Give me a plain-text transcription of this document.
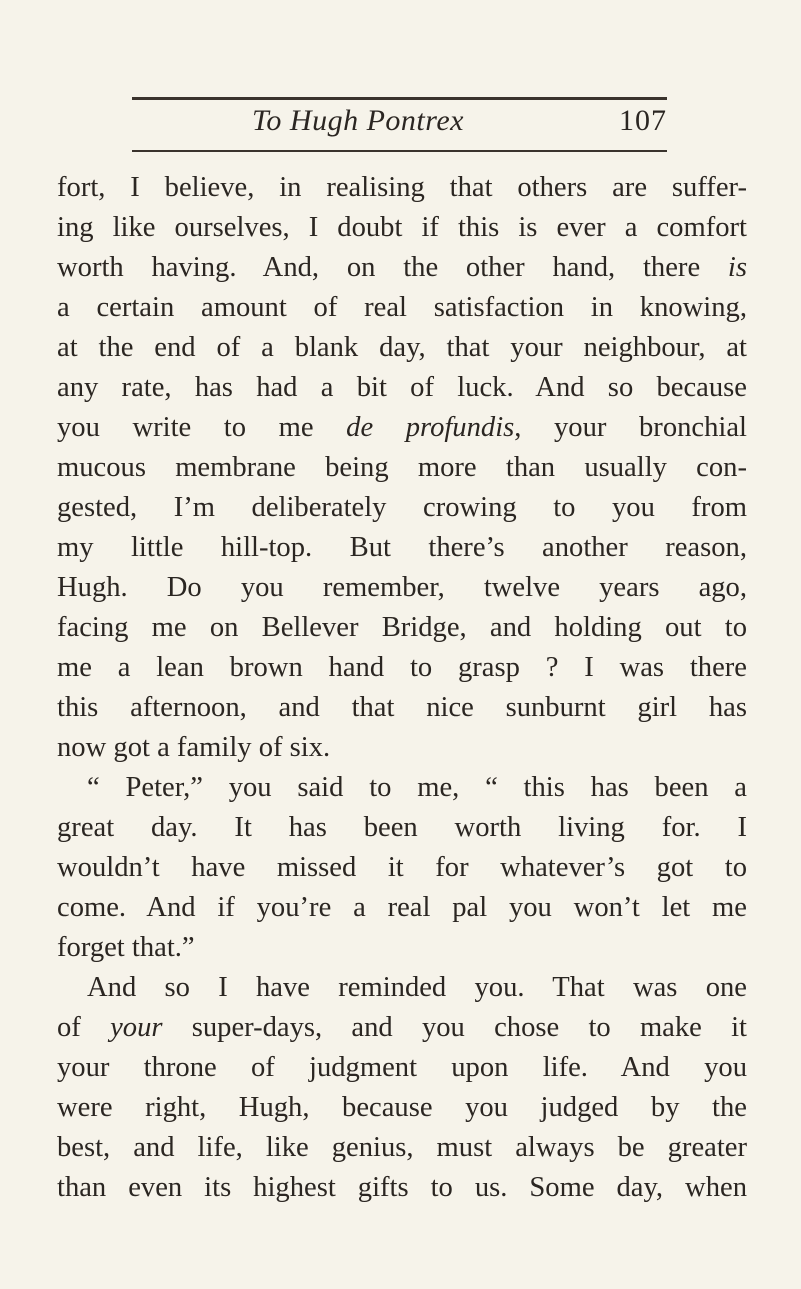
To Hugh Pontrex	107
fort, I believe, in realising that others are suffer-
ing like ourselves, I doubt if this is ever a comfort
worth having. And, on the other hand, there is
a certain amount of real satisfaction in knowing,
at the end of a blank day, that your neighbour, at
any rate, has had a bit of luck. And so because
you write to me de profundis, your bronchial
mucous membrane being more than usually con-
gested, I’m deliberately crowing to you from
my little hill-top. But there’s another reason,
Hugh. Do you remember, twelve years ago,
facing me on Bellever Bridge, and holding out to
me a lean brown hand to grasp ? I was there
this afternoon, and that nice sunburnt girl has
now got a family of six.
“ Peter,” you said to me, “ this has been a
great day. It has been worth living for. I
wouldn’t have missed it for whatever’s got to
come. And if you’re a real pal you won’t let me
forget that.”
And so I have reminded you. That was one
of your super-days, and you chose to make it
your throne of judgment upon life. And you
were right, Hugh, because you judged by the
best, and life, like genius, must always be greater
than even its highest gifts to us. Some day, when
